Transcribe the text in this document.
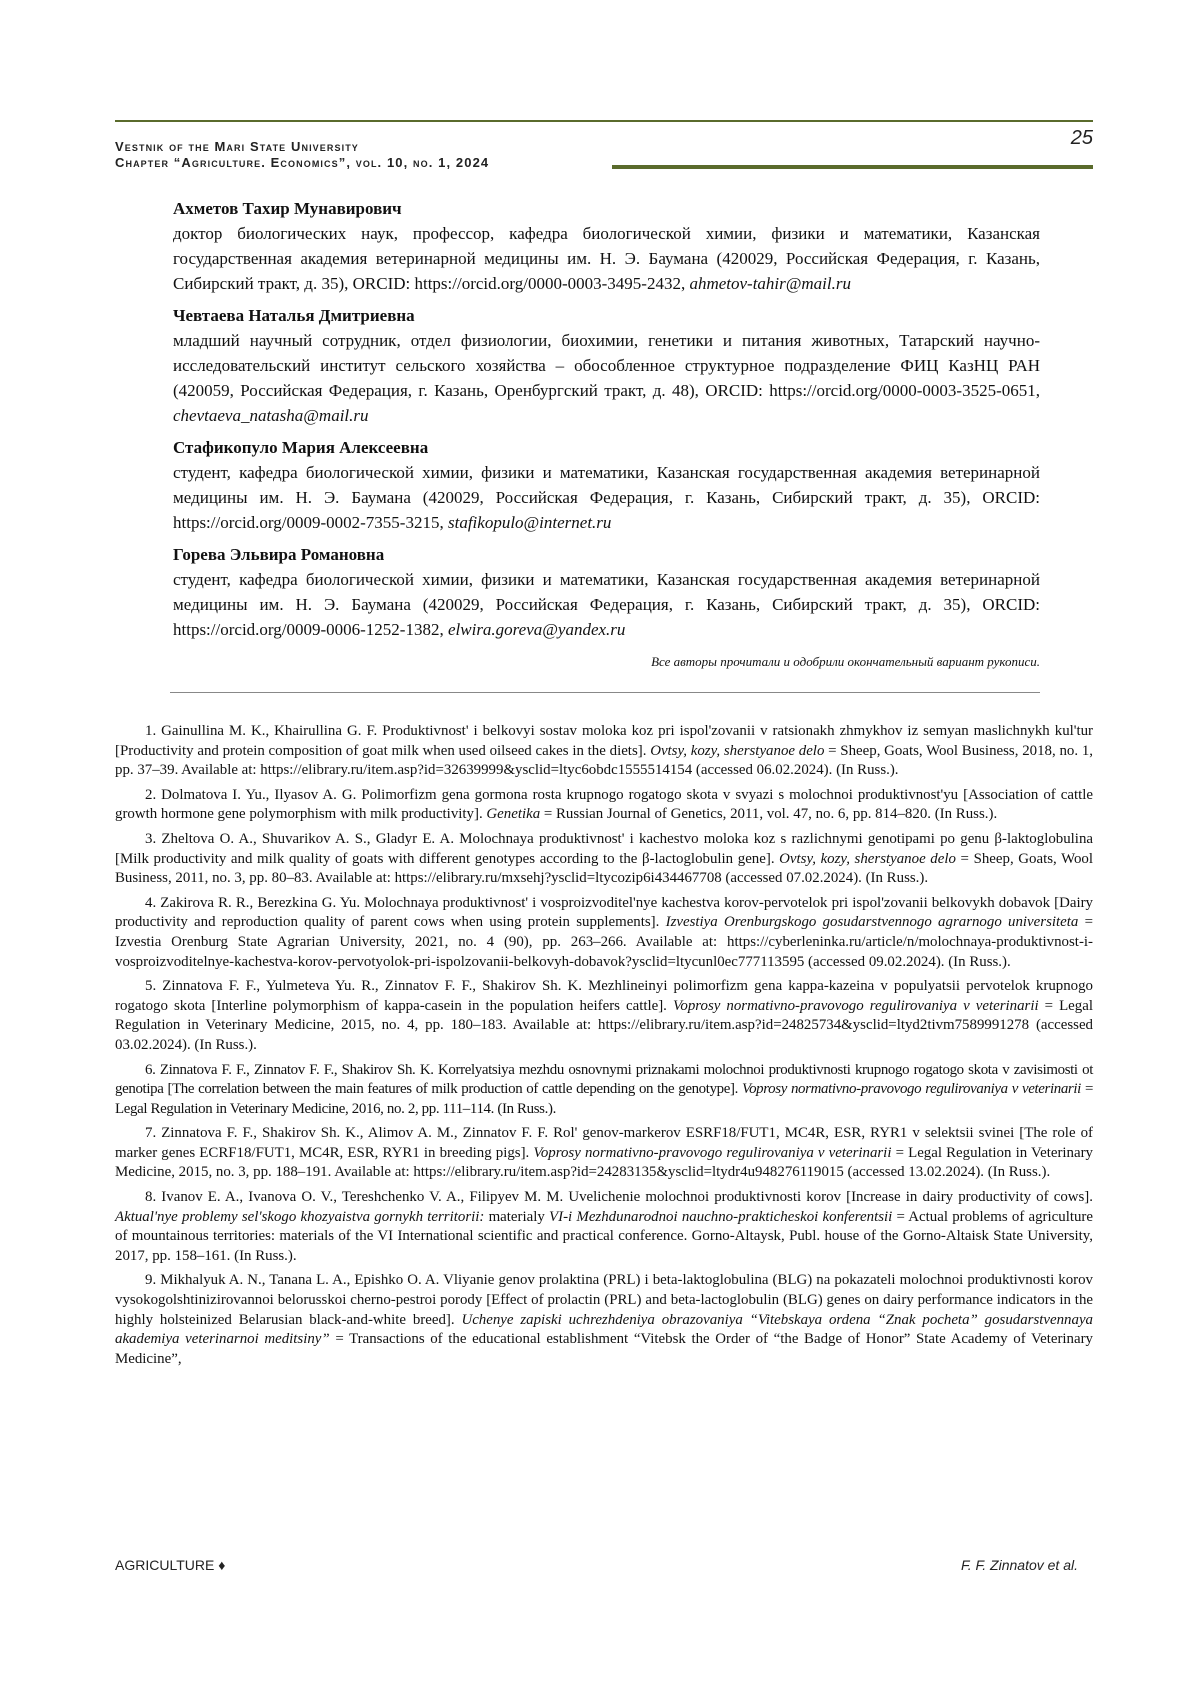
Vestnik of the Mari State University
Chapter “Agriculture. Economics”, vol. 10, no. 1, 2024
25
Ахметов Тахир Мунавирович
доктор биологических наук, профессор, кафедра биологической химии, физики и математики, Казанская государственная академия ветеринарной медицины им. Н. Э. Баумана (420029, Российская Федерация, г. Казань, Сибирский тракт, д. 35), ORCID: https://orcid.org/0000-0003-3495-2432, ahmetov-tahir@mail.ru
Чевтаева Наталья Дмитриевна
младший научный сотрудник, отдел физиологии, биохимии, генетики и питания животных, Татарский научно-исследовательский институт сельского хозяйства – обособленное структурное подразделение ФИЦ КазНЦ РАН (420059, Российская Федерация, г. Казань, Оренбургский тракт, д. 48), ORCID: https://orcid.org/0000-0003-3525-0651, chevtaeva_natasha@mail.ru
Стафикопуло Мария Алексеевна
студент, кафедра биологической химии, физики и математики, Казанская государственная академия ветеринарной медицины им. Н. Э. Баумана (420029, Российская Федерация, г. Казань, Сибирский тракт, д. 35), ORCID: https://orcid.org/0009-0002-7355-3215, stafikopulo@internet.ru
Горева Эльвира Романовна
студент, кафедра биологической химии, физики и математики, Казанская государственная академия ветеринарной медицины им. Н. Э. Баумана (420029, Российская Федерация, г. Казань, Сибирский тракт, д. 35), ORCID: https://orcid.org/0009-0006-1252-1382, elwira.goreva@yandex.ru
Все авторы прочитали и одобрили окончательный вариант рукописи.
1. Gainullina M. K., Khairullina G. F. Produktivnost' i belkovyi sostav moloka koz pri ispol'zovanii v ratsionakh zhmykhov iz semyan maslichnykh kul'tur [Productivity and protein composition of goat milk when used oilseed cakes in the diets]. Ovtsy, kozy, sherstyanoe delo = Sheep, Goats, Wool Business, 2018, no. 1, pp. 37–39. Available at: https://elibrary.ru/item.asp?id=32639999&ysclid=ltyc6obdc1555514154 (accessed 06.02.2024). (In Russ.).
2. Dolmatova I. Yu., Ilyasov A. G. Polimorfizm gena gormona rosta krupnogo rogatogo skota v svyazi s molochnoi produktivnost'yu [Association of cattle growth hormone gene polymorphism with milk productivity]. Genetika = Russian Journal of Genetics, 2011, vol. 47, no. 6, pp. 814–820. (In Russ.).
3. Zheltova O. A., Shuvarikov A. S., Gladyr E. A. Molochnaya produktivnost' i kachestvo moloka koz s razlichnymi genotipami po genu β-laktoglobulina [Milk productivity and milk quality of goats with different genotypes according to the β-lactoglobulin gene]. Ovtsy, kozy, sherstyanoe delo = Sheep, Goats, Wool Business, 2011, no. 3, pp. 80–83. Available at: https://elibrary.ru/mxsehj?ysclid=ltycozip6i434467708 (accessed 07.02.2024). (In Russ.).
4. Zakirova R. R., Berezkina G. Yu. Molochnaya produktivnost' i vosproizvoditel'nye kachestva korov-pervotelok pri ispol'zovanii belkovykh dobavok [Dairy productivity and reproduction quality of parent cows when using protein supplements]. Izvestiya Orenburgskogo gosudarstvennogo agrarnogo universiteta = Izvestia Orenburg State Agrarian University, 2021, no. 4 (90), pp. 263–266. Available at: https://cyberleninka.ru/article/n/molochnaya-produktivnost-i-vosproizvoditelnye-kachestva-korov-pervotyolok-pri-ispolzovanii-belkovyh-dobavok?ysclid=ltycunl0ec777113595 (accessed 09.02.2024). (In Russ.).
5. Zinnatova F. F., Yulmeteva Yu. R., Zinnatov F. F., Shakirov Sh. K. Mezhlineinyi polimorfizm gena kappa-kazeina v populyatsii pervotelok krupnogo rogatogo skota [Interline polymorphism of kappa-casein in the population heifers cattle]. Voprosy normativno-pravovogo regulirovaniya v veterinarii = Legal Regulation in Veterinary Medicine, 2015, no. 4, pp. 180–183. Available at: https://elibrary.ru/item.asp?id=24825734&ysclid=ltyd2tivm7589991278 (accessed 03.02.2024). (In Russ.).
6. Zinnatova F. F., Zinnatov F. F., Shakirov Sh. K. Korrelyatsiya mezhdu osnovnymi priznakami molochnoi produktivnosti krupnogo rogatogo skota v zavisimosti ot genotipa [The correlation between the main features of milk production of cattle depending on the genotype]. Voprosy normativno-pravovogo regulirovaniya v veterinarii = Legal Regulation in Veterinary Medicine, 2016, no. 2, pp. 111–114. (In Russ.).
7. Zinnatova F. F., Shakirov Sh. K., Alimov A. M., Zinnatov F. F. Rol' genov-markerov ESRF18/FUT1, MC4R, ESR, RYR1 v selektsii svinei [The role of marker genes ECRF18/FUT1, MC4R, ESR, RYR1 in breeding pigs]. Voprosy normativno-pravovogo regulirovaniya v veterinarii = Legal Regulation in Veterinary Medicine, 2015, no. 3, pp. 188–191. Available at: https://elibrary.ru/item.asp?id=24283135&ysclid=ltydr4u948276119015 (accessed 13.02.2024). (In Russ.).
8. Ivanov E. A., Ivanova O. V., Tereshchenko V. A., Filipyev M. M. Uvelichenie molochnoi produktivnosti korov [Increase in dairy productivity of cows]. Aktual'nye problemy sel'skogo khozyaistva gornykh territorii: materialy VI-i Mezhdunarodnoi nauchno-prakticheskoi konferentsii = Actual problems of agriculture of mountainous territories: materials of the VI International scientific and practical conference. Gorno-Altaysk, Publ. house of the Gorno-Altaisk State University, 2017, pp. 158–161. (In Russ.).
9. Mikhalyuk A. N., Tanana L. A., Epishko O. A. Vliyanie genov prolaktina (PRL) i beta-laktoglobulina (BLG) na pokazateli molochnoi produktivnosti korov vysokogolshtinizirovannoi belorusskoi cherno-pestroi porody [Effect of prolactin (PRL) and beta-lactoglobulin (BLG) genes on dairy performance indicators in the highly holsteinized Belarusian black-and-white breed]. Uchenye zapiski uchrezhdeniya obrazovaniya “Vitebskaya ordena “Znak pocheta” gosudarstvennaya akademiya veterinarnoi meditsiny” = Transactions of the educational establishment “Vitebsk the Order of “the Badge of Honor” State Academy of Veterinary Medicine”,
AGRICULTURE ♦	F. F. Zinnatov et al.
